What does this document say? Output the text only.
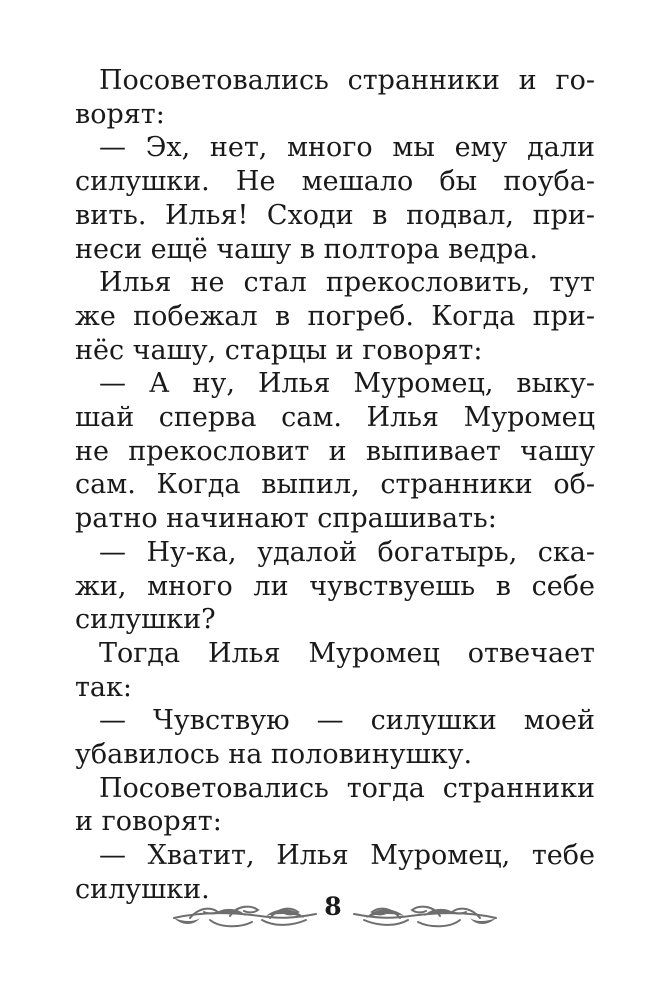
Посоветовались странники и го-
ворят:

— Эх, нет, много мы ему дали
силушки. Не мешало бы поуба-
вить. Илья! Сходи в подвал, при-
неси ещё чашу в полтора ведра.

Илья не стал прекословить, тут
же побежал в погреб. Когда при-
нёс чашу, старцы и говорят:

— А ну, Илья Муромец, выку-
шай сперва сам. Илья Муромец
не прекословит и выпивает чашу
сам. Когда выпил, странники об-
ратно начинают спрашивать:

— Ну-ка, удалой богатырь, ска-
жи, много ли чувствуешь в себе
силушки?

Тогда Илья Муромец отвечает
так:

— Чувствую — силушки моей
убавилось на половинушку.

Посоветовались тогда странники
и говорят:

— Хватит, Илья Муромец, тебе
силушки.

8
